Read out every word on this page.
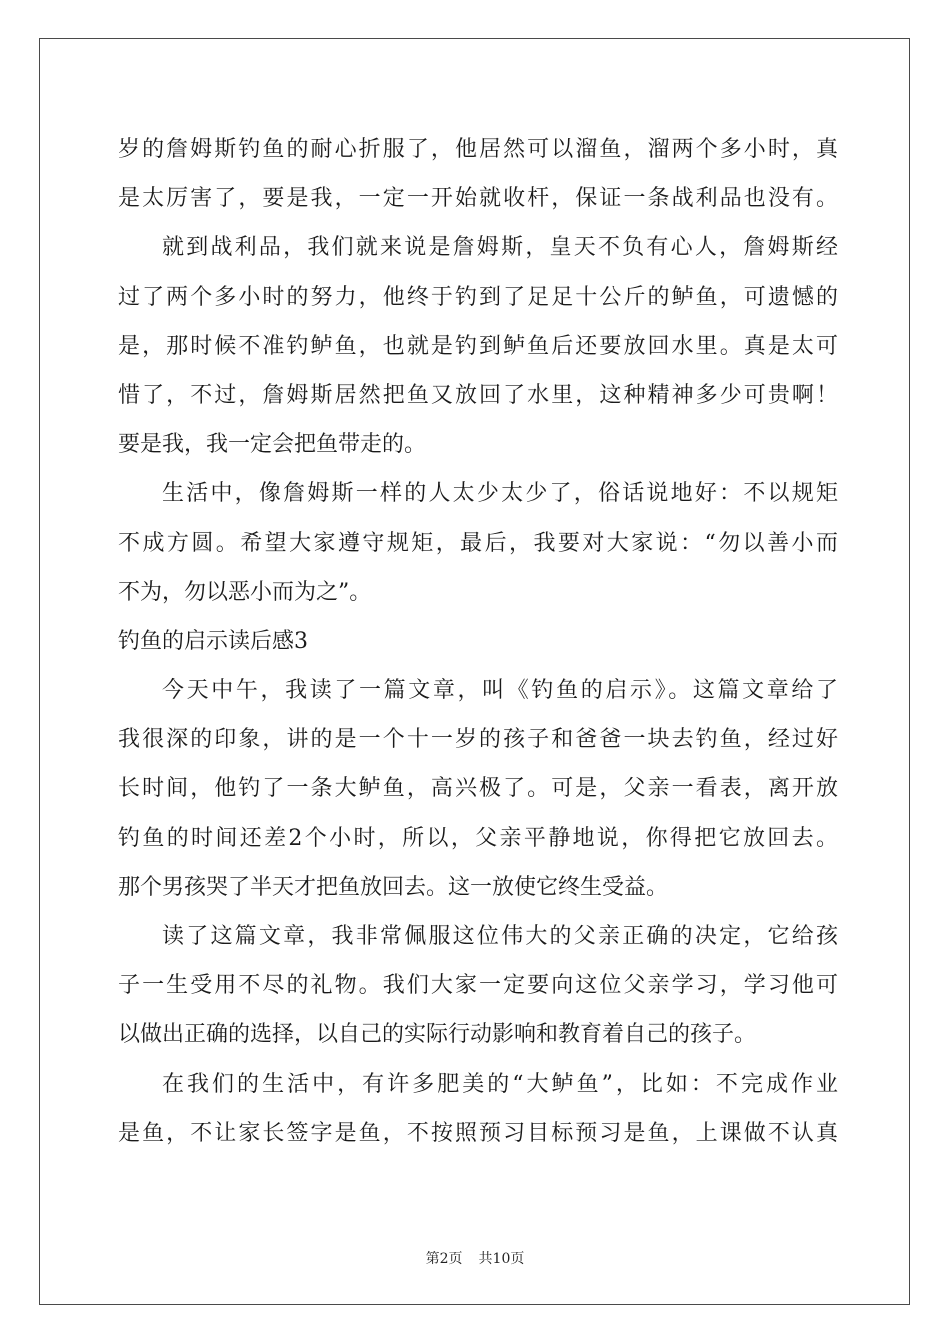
岁的詹姆斯钓鱼的耐心折服了，他居然可以溜鱼，溜两个多小时，真
是太厉害了，要是我，一定一开始就收杆，保证一条战利品也没有。
就到战利品，我们就来说是詹姆斯，皇天不负有心人，詹姆斯经
过了两个多小时的努力，他终于钓到了足足十公斤的鲈鱼，可遗憾的
是，那时候不准钓鲈鱼，也就是钓到鲈鱼后还要放回水里。真是太可
惜了，不过，詹姆斯居然把鱼又放回了水里，这种精神多少可贵啊！
要是我，我一定会把鱼带走的。
生活中，像詹姆斯一样的人太少太少了，俗话说地好：不以规矩
不成方圆。希望大家遵守规矩，最后，我要对大家说：“勿以善小而
不为，勿以恶小而为之”。
钓鱼的启示读后感3
今天中午，我读了一篇文章，叫《钓鱼的启示》。这篇文章给了
我很深的印象，讲的是一个十一岁的孩子和爸爸一块去钓鱼，经过好
长时间，他钓了一条大鲈鱼，高兴极了。可是，父亲一看表，离开放
钓鱼的时间还差2个小时，所以，父亲平静地说，你得把它放回去。
那个男孩哭了半天才把鱼放回去。这一放使它终生受益。
读了这篇文章，我非常佩服这位伟大的父亲正确的决定，它给孩
子一生受用不尽的礼物。我们大家一定要向这位父亲学习，学习他可
以做出正确的选择，以自己的实际行动影响和教育着自己的孩子。
在我们的生活中，有许多肥美的“大鲈鱼”，比如：不完成作业
是鱼，不让家长签字是鱼，不按照预习目标预习是鱼，上课做不认真
第2页 共10页
